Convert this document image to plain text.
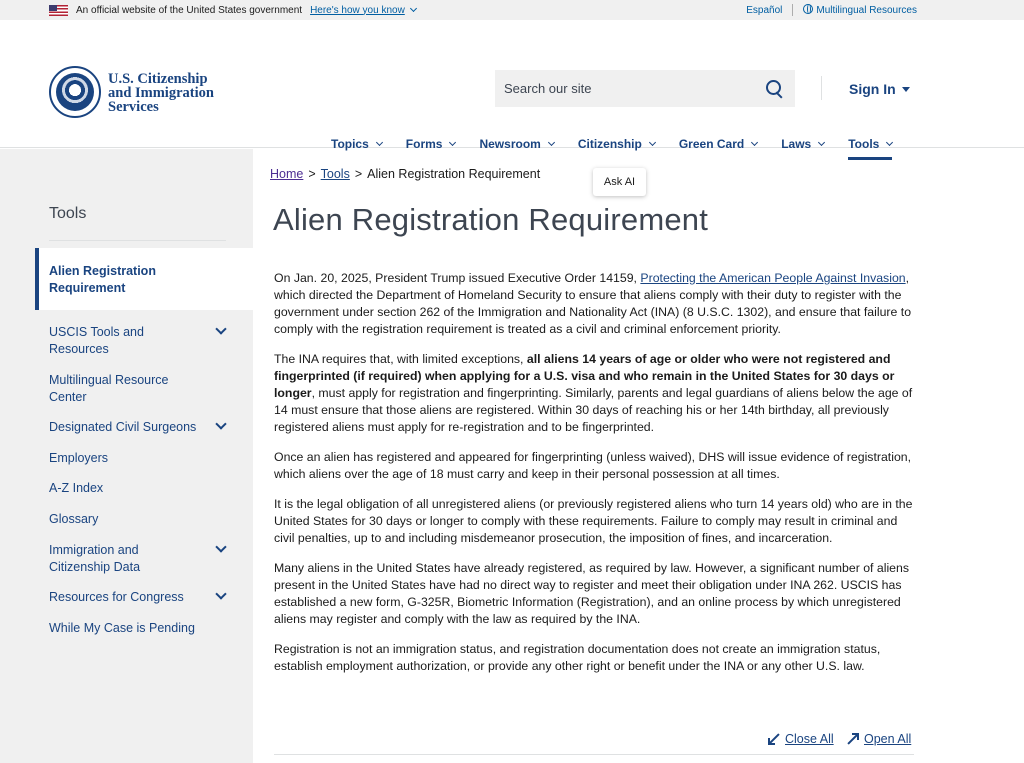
An official website of the United States government Here's how you know	Español	Multilingual Resources
U.S. Citizenship
and Immigration
Services
Search our site
Sign In
Topics	Forms	Newsroom	Citizenship	Green Card	Laws	Tools
Tools
Alien Registration
Requirement
USCIS Tools and
Resources
Multilingual Resource
Center
Designated Civil Surgeons
Employers
A-Z Index
Glossary
Immigration and
Citizenship Data
Resources for Congress
While My Case is Pending
Home > Tools > Alien Registration Requirement
Ask AI
Alien Registration Requirement

On Jan. 20, 2025, President Trump issued Executive Order 14159, Protecting the American People Against Invasion, which directed the Department of Homeland Security to ensure that aliens comply with their duty to register with the government under section 262 of the Immigration and Nationality Act (INA) (8 U.S.C. 1302), and ensure that failure to comply with the registration requirement is treated as a civil and criminal enforcement priority.

The INA requires that, with limited exceptions, all aliens 14 years of age or older who were not registered and fingerprinted (if required) when applying for a U.S. visa and who remain in the United States for 30 days or longer, must apply for registration and fingerprinting. Similarly, parents and legal guardians of aliens below the age of 14 must ensure that those aliens are registered. Within 30 days of reaching his or her 14th birthday, all previously registered aliens must apply for re-registration and to be fingerprinted.

Once an alien has registered and appeared for fingerprinting (unless waived), DHS will issue evidence of registration, which aliens over the age of 18 must carry and keep in their personal possession at all times.

It is the legal obligation of all unregistered aliens (or previously registered aliens who turn 14 years old) who are in the United States for 30 days or longer to comply with these requirements. Failure to comply may result in criminal and civil penalties, up to and including misdemeanor prosecution, the imposition of fines, and incarceration.

Many aliens in the United States have already registered, as required by law. However, a significant number of aliens present in the United States have had no direct way to register and meet their obligation under INA 262. USCIS has established a new form, G-325R, Biometric Information (Registration), and an online process by which unregistered aliens may register and comply with the law as required by the INA.

Registration is not an immigration status, and registration documentation does not create an immigration status, establish employment authorization, or provide any other right or benefit under the INA or any other U.S. law.

Close All Open All
